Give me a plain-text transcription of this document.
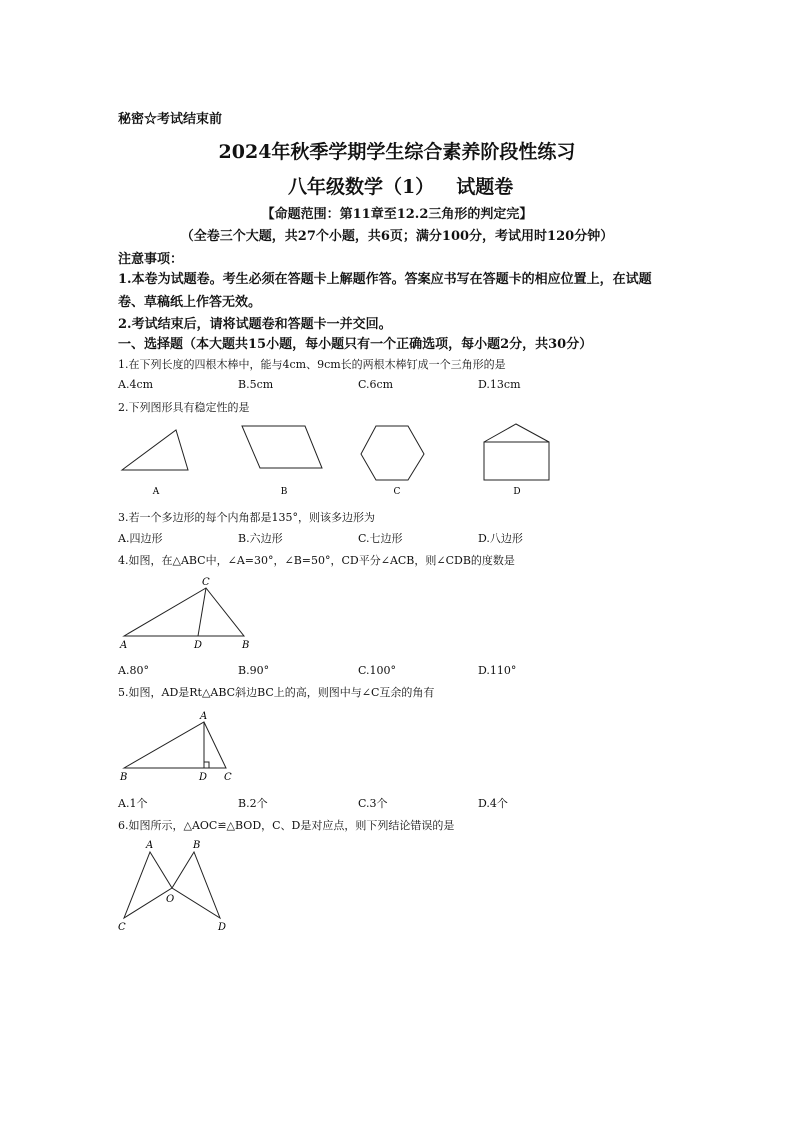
秘密☆考试结束前
2024年秋季学期学生综合素养阶段性练习
八年级数学（1） 试题卷
【命题范围：第11章至12.2三角形的判定完】
（全卷三个大题，共27个小题，共6页；满分100分，考试用时120分钟）
注意事项：
1.本卷为试题卷。考生必须在答题卡上解题作答。答案应书写在答题卡的相应位置上，在试题
卷、草稿纸上作答无效。
2.考试结束后，请将试题卷和答题卡一并交回。
一、选择题（本大题共15小题，每小题只有一个正确选项，每小题2分，共30分）
1.在下列长度的四根木棒中，能与4cm、9cm长的两根木棒钉成一个三角形的是
A.4cm	B.5cm	C.6cm	D.13cm
2.下列图形具有稳定性的是
A	B	C	D
3.若一个多边形的每个内角都是135°，则该多边形为
A.四边形	B.六边形	C.七边形	D.八边形
4.如图，在△ABC中，∠A=30°，∠B=50°，CD平分∠ACB，则∠CDB的度数是
C
A	D	B
A.80°	B.90°	C.100°	D.110°
5.如图，AD是Rt△ABC斜边BC上的高，则图中与∠C互余的角有
A
B	D C
A.1个	B.2个	C.3个	D.4个
6.如图所示，△AOC≌△BOD，C、D是对应点，则下列结论错误的是
A	B
O
C	D
